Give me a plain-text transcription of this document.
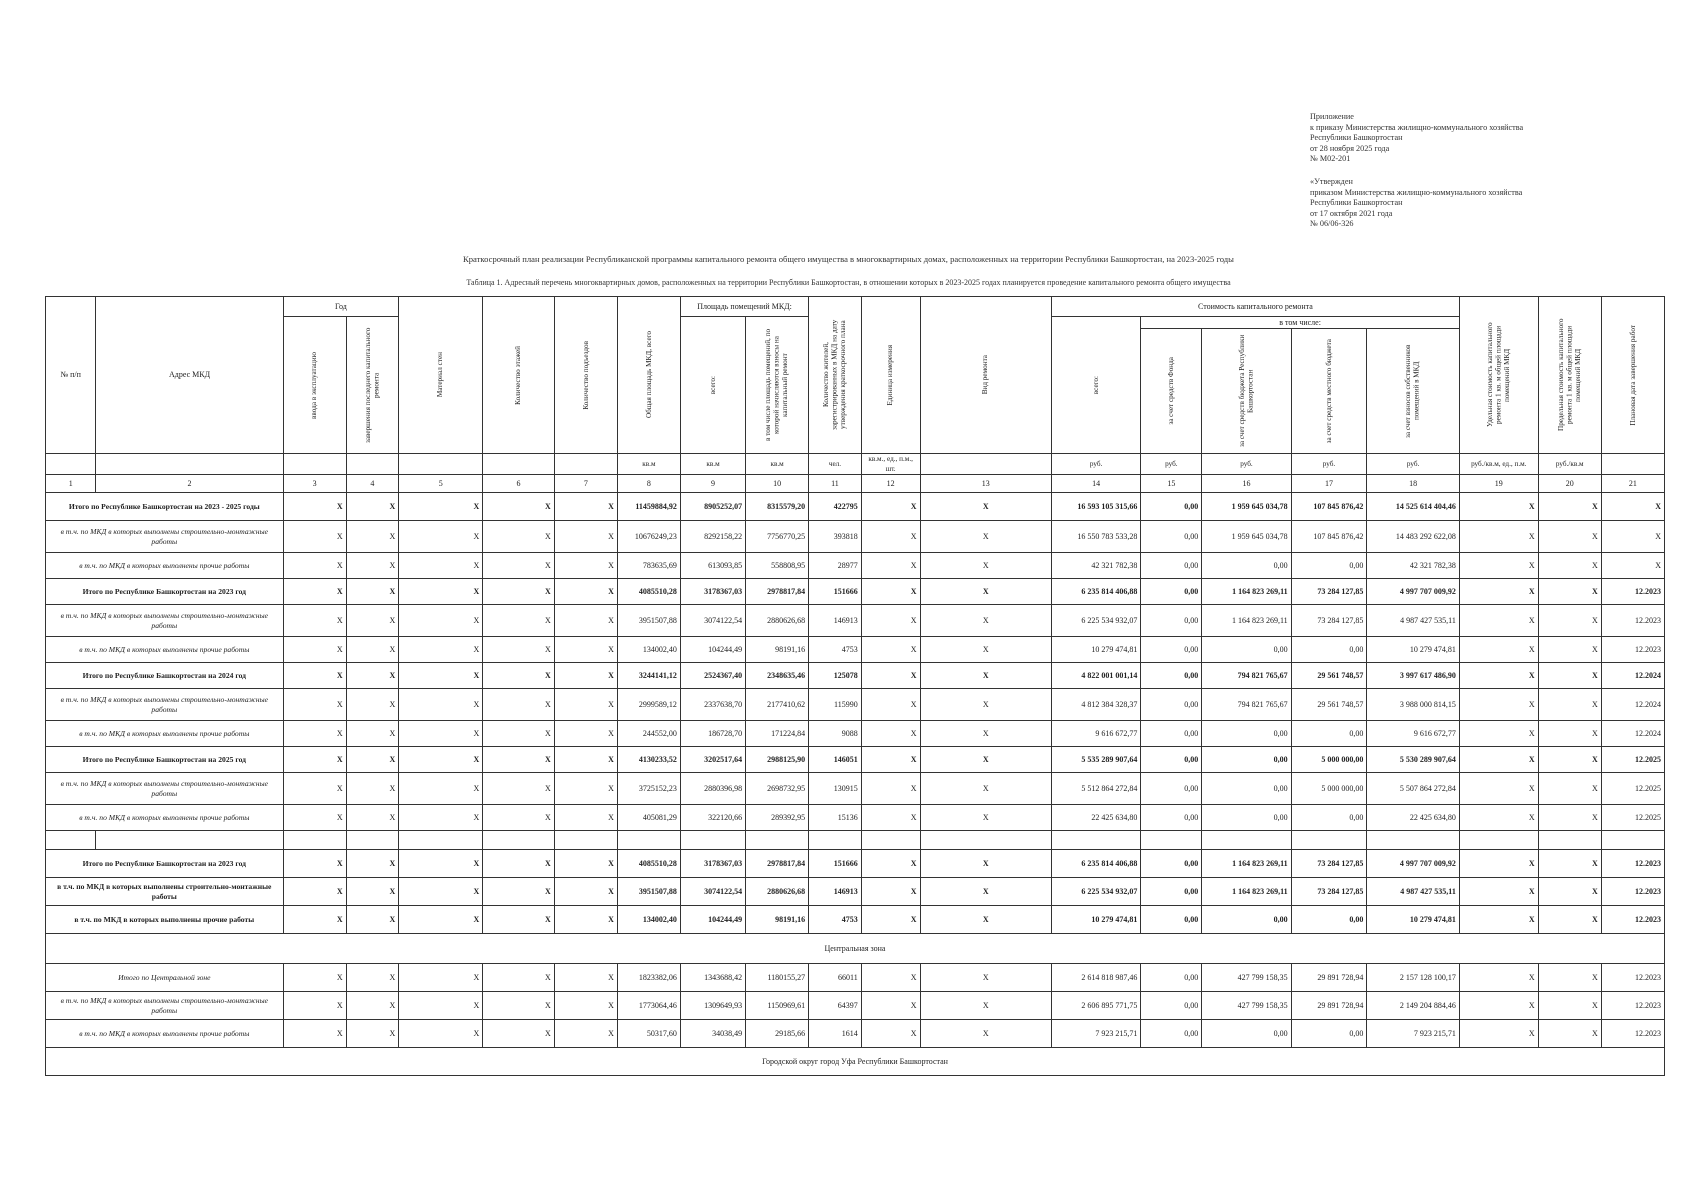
Приложение
к приказу Министерства жилищно-коммунального хозяйства
Республики Башкортостан
от 28 ноября 2025 года
№ М02-201
«Утвержден
приказом Министерства жилищно-коммунального хозяйства
Республики Башкортостан
от 17 октября 2021 года
№ 06/06-326
Краткосрочный план реализации Республиканской программы капитального ремонта общего имущества в многоквартирных домах, расположенных на территории Республики Башкортостан, на 2023-2025 годы
Таблица 1. Адресный перечень многоквартирных домов, расположенных на территории Республики Башкортостан, в отношении которых в 2023-2025 годах планируется проведение капитального ремонта общего имущества
№ п/п	Адрес МКД	Год		Материал стен	Количество этажей	Количество подъездов	Общая площадь МКД, всего	Площадь помещений МКД:		Количество жителей, зарегистрированных в МКД на дату утверждения краткосрочного плана	Единица измерения	Вид ремонта	Стоимость капитального ремонта					Удельная стоимость капитального ремонта 1 кв. м общей площади помещений МКД	Предельная стоимость капитального ремонта 1 кв. м общей площади помещений МКД	Плановая дата завершения работ

		ввода в эксплуатацию	завершения последнего капитального ремонта					всего:	в том числе площадь помещений, по которой начисляются взносы на капитальный ремонт				всего:	в том числе:						

														за счет средств Фонда	за счет средств бюджета Республики Башкортостан	за счет средств местного бюджета	за счет взносов собственников помещений в МКД			

							кв.м	кв.м	кв.м	чел.	кв.м., ед., п.м., шт.		руб.	руб.	руб.	руб.	руб.	руб./кв.м, ед., п.м.	руб./кв.м	
1	2	3	4	5	6	7	8	9	10	11	12	13	14	15	16	17	18	19	20	21
Итого по Республике Башкортостан на 2023 - 2025 годы		X	X	X	X	X	11459884,92	8905252,07	8315579,20	422795	X	X	16 593 105 315,66	0,00	1 959 645 034,78	107 845 876,42	14 525 614 404,46	X	X	X
в т.ч. по МКД в которых выполнены строительно-монтажные работы		X	X	X	X	X	10676249,23	8292158,22	7756770,25	393818	X	X	16 550 783 533,28	0,00	1 959 645 034,78	107 845 876,42	14 483 292 622,08	X	X	X
в т.ч. по МКД в которых выполнены прочие работы		X	X	X	X	X	783635,69	613093,85	558808,95	28977	X	X	42 321 782,38	0,00	0,00	0,00	42 321 782,38	X	X	X
Итого по Республике Башкортостан на 2023 год		X	X	X	X	X	4085510,28	3178367,03	2978817,84	151666	X	X	6 235 814 406,88	0,00	1 164 823 269,11	73 284 127,85	4 997 707 009,92	X	X	12.2023
в т.ч. по МКД в которых выполнены строительно-монтажные работы		X	X	X	X	X	3951507,88	3074122,54	2880626,68	146913	X	X	6 225 534 932,07	0,00	1 164 823 269,11	73 284 127,85	4 987 427 535,11	X	X	12.2023
в т.ч. по МКД в которых выполнены прочие работы		X	X	X	X	X	134002,40	104244,49	98191,16	4753	X	X	10 279 474,81	0,00	0,00	0,00	10 279 474,81	X	X	12.2023
Итого по Республике Башкортостан на 2024 год		X	X	X	X	X	3244141,12	2524367,40	2348635,46	125078	X	X	4 822 001 001,14	0,00	794 821 765,67	29 561 748,57	3 997 617 486,90	X	X	12.2024
в т.ч. по МКД в которых выполнены строительно-монтажные работы		X	X	X	X	X	2999589,12	2337638,70	2177410,62	115990	X	X	4 812 384 328,37	0,00	794 821 765,67	29 561 748,57	3 988 000 814,15	X	X	12.2024
в т.ч. по МКД в которых выполнены прочие работы		X	X	X	X	X	244552,00	186728,70	171224,84	9088	X	X	9 616 672,77	0,00	0,00	0,00	9 616 672,77	X	X	12.2024
Итого по Республике Башкортостан на 2025 год		X	X	X	X	X	4130233,52	3202517,64	2988125,90	146051	X	X	5 535 289 907,64	0,00	0,00	5 000 000,00	5 530 289 907,64	X	X	12.2025
в т.ч. по МКД в которых выполнены строительно-монтажные работы		X	X	X	X	X	3725152,23	2880396,98	2698732,95	130915	X	X	5 512 864 272,84	0,00	0,00	5 000 000,00	5 507 864 272,84	X	X	12.2025
в т.ч. по МКД в которых выполнены прочие работы		X	X	X	X	X	405081,29	322120,66	289392,95	15136	X	X	22 425 634,80	0,00	0,00	0,00	22 425 634,80	X	X	12.2025

Итого по Республике Башкортостан на 2023 год		X	X	X	X	X	4085510,28	3178367,03	2978817,84	151666	X	X	6 235 814 406,88	0,00	1 164 823 269,11	73 284 127,85	4 997 707 009,92	X	X	12.2023
в т.ч. по МКД в которых выполнены строительно-монтажные работы		X	X	X	X	X	3951507,88	3074122,54	2880626,68	146913	X	X	6 225 534 932,07	0,00	1 164 823 269,11	73 284 127,85	4 987 427 535,11	X	X	12.2023
в т.ч. по МКД в которых выполнены прочие работы		X	X	X	X	X	134002,40	104244,49	98191,16	4753	X	X	10 279 474,81	0,00	0,00	0,00	10 279 474,81	X	X	12.2023
Центральная зона																				
Итого по Центральной зоне		X	X	X	X	X	1823382,06	1343688,42	1180155,27	66011	X	X	2 614 818 987,46	0,00	427 799 158,35	29 891 728,94	2 157 128 100,17	X	X	12.2023
в т.ч. по МКД в которых выполнены строительно-монтажные работы		X	X	X	X	X	1773064,46	1309649,93	1150969,61	64397	X	X	2 606 895 771,75	0,00	427 799 158,35	29 891 728,94	2 149 204 884,46	X	X	12.2023
в т.ч. по МКД в которых выполнены прочие работы		X	X	X	X	X	50317,60	34038,49	29185,66	1614	X	X	7 923 215,71	0,00	0,00	0,00	7 923 215,71	X	X	12.2023
Городской округ город Уфа Республики Башкортостан																				
